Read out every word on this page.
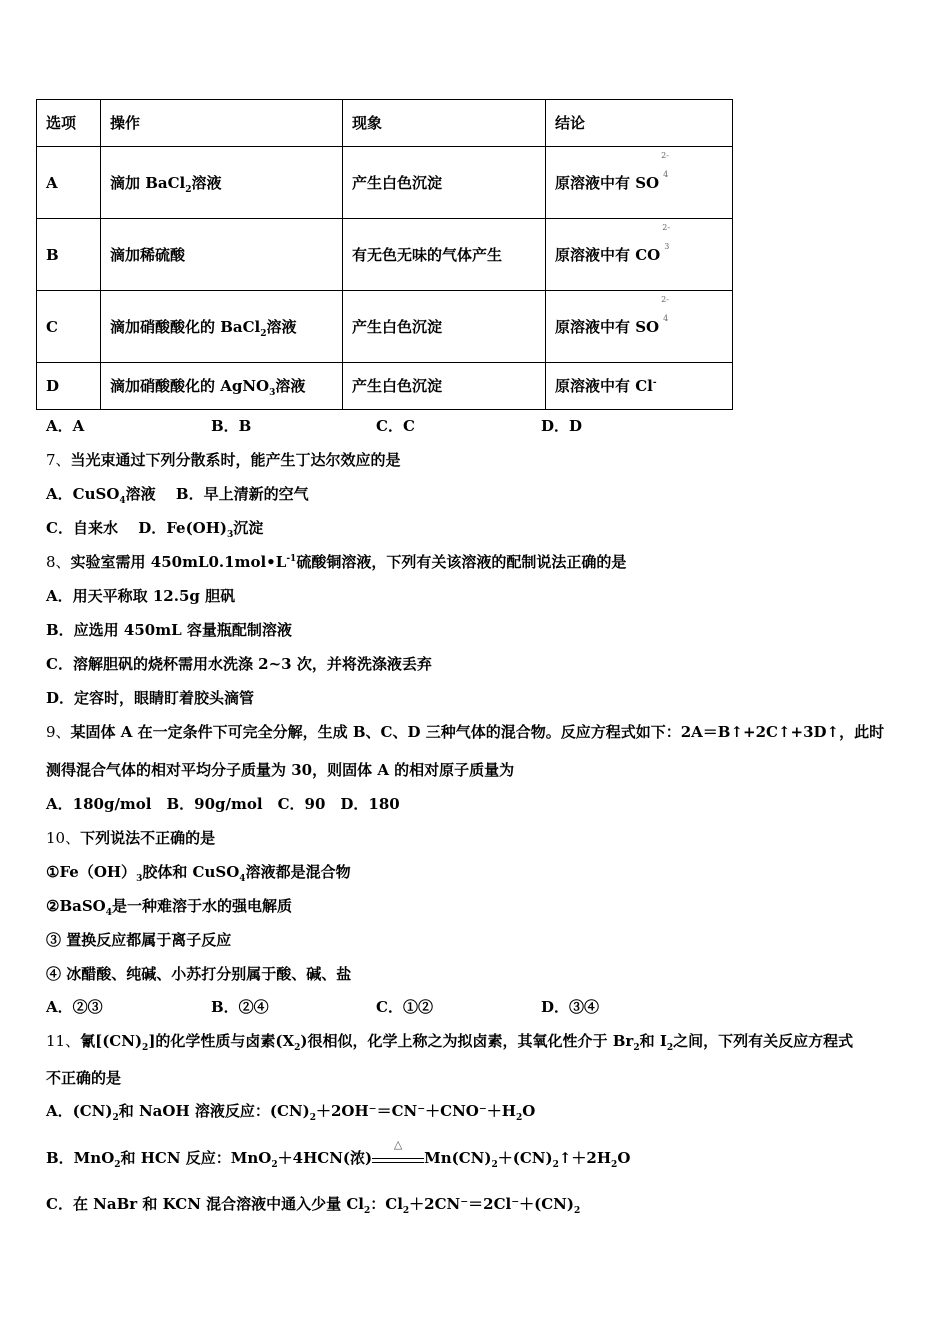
选项	操作	现象	结论
A	滴加 BaCl$_2$溶液	产生白色沉淀	原溶液中有 SO
2-
4

B	滴加稀硫酸	有无色无味的气体产生	原溶液中有 CO
2-
3

C	滴加硝酸酸化的 BaCl$_2$溶液	产生白色沉淀	原溶液中有 SO
2-
4

D	滴加硝酸酸化的 AgNO$_3$溶液	产生白色沉淀	原溶液中有 Cl-
A．A	B．B	C．C	D．D
7、当光束通过下列分散系时，能产生丁达尔效应的是
A．CuSO$_4$溶液　 B．早上清新的空气
C．自来水　 D．$Fe(OH)_3$沉淀
8、实验室需用 $450mL0.1mol•L^{-1}$硫酸铜溶液，下列有关该溶液的配制说法正确的是
A．用天平称取 12.5g 胆矾
B．应选用 450mL 容量瓶配制溶液
C．溶解胆矾的烧杯需用水洗涤 2~3 次，并将洗涤液丢弃
D．定容时，眼睛盯着胶头滴管
9、某固体 A 在一定条件下可完全分解，生成 B、C、D 三种气体的混合物。反应方程式如下：2A＝B↑+2C↑+3D↑，此时
测得混合气体的相对平均分子质量为 30，则固体 A 的相对原子质量为
A．180g/mol　B．90g/mol　C．90　D．180
10、下列说法不正确的是
$①Fe(OH)_3$胶体和 CuSO$_4$溶液都是混合物
②BaSO$_4$是一种难溶于水的强电解质
③ 置换反应都属于离子反应
④ 冰醋酸、纯碱、小苏打分别属于酸、碱、盐
A．②③	B．②④	C．①②	D．③④
11、氰$[(CN)_2]$的化学性质与卤素$(X_2)$很相似，化学上称之为拟卤素，其氧化性介于 $Br_2$和 $I_2$之间，下列有关反应方程式
不正确的是
A．$(CN)_2$和 NaOH 溶液反应：$(CN)_2+2OH^-=CN^-+CNO^-+H_2O$
B．MnO$_2$和 HCN 反应：MnO$_2$＋4HCN(浓)
△
$Mn(CN)_2+(CN)_2↑+2H_2O$
C．在 NaBr 和 KCN 混合溶液中通入少量 $Cl_2$：$Cl_2+2CN^-=2Cl^-+(CN)_2$
